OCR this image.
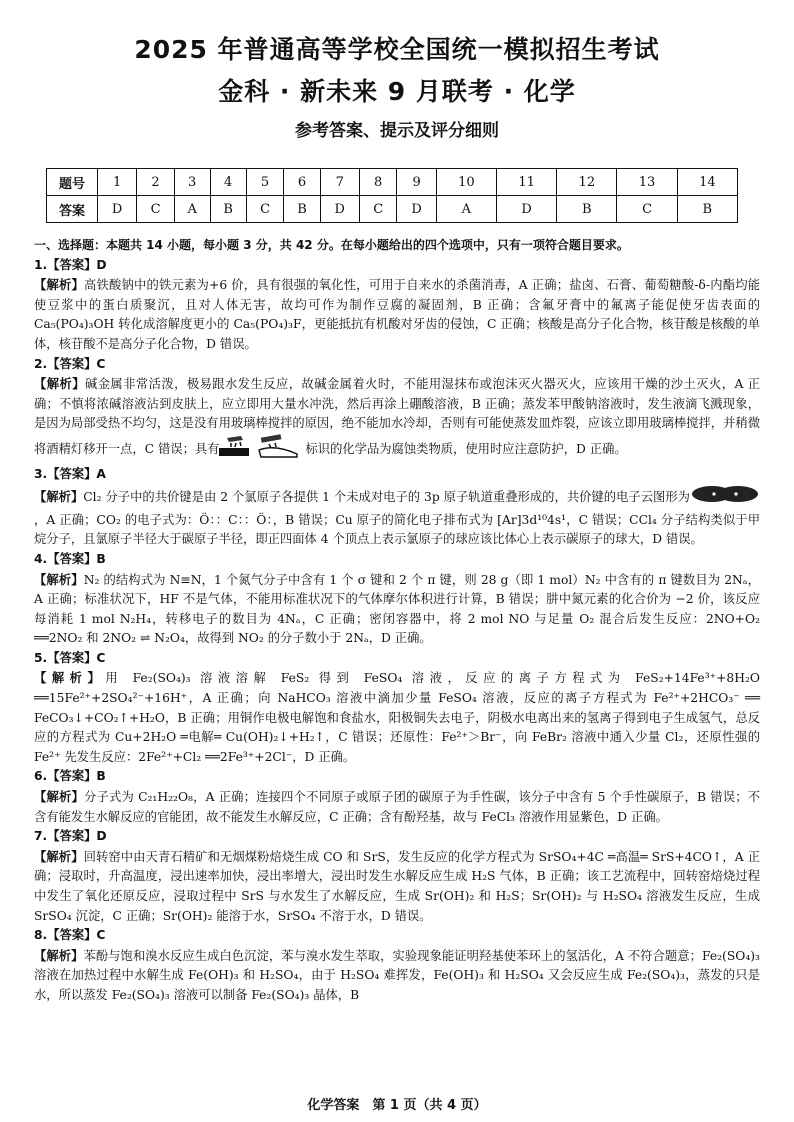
2025 年普通高等学校全国统一模拟招生考试
金科 · 新未来 9 月联考 · 化学
参考答案、提示及评分细则
题号	1	2	3	4	5	6	7	8	9	10	11	12	13	14
答案	D	C	A	B	C	B	D	C	D	A	D	B	C	B

一、选择题：本题共 14 小题，每小题 3 分，共 42 分。在每小题给出的四个选项中，只有一项符合题目要求。

1.【答案】D

【解析】高铁酸钠中的铁元素为+6 价，具有很强的氧化性，可用于自来水的杀菌消毒，A 正确；盐卤、石膏、葡萄糖酸-δ-内酯均能使豆浆中的蛋白质聚沉，且对人体无害，故均可作为制作豆腐的凝固剂，B 正确；含氟牙膏中的氟离子能促使牙齿表面的 Ca₅(PO₄)₃OH 转化成溶解度更小的 Ca₅(PO₄)₃F，更能抵抗有机酸对牙齿的侵蚀，C 正确；核酸是高分子化合物，核苷酸是核酸的单体，核苷酸不是高分子化合物，D 错误。

2.【答案】C

【解析】碱金属非常活泼，极易跟水发生反应，故碱金属着火时，不能用湿抹布或泡沫灭火器灭火，应该用干燥的沙土灭火，A 正确；不慎将浓碱溶液沾到皮肤上，应立即用大量水冲洗，然后再涂上硼酸溶液，B 正确；蒸发苯甲酸钠溶液时，发生液滴飞溅现象，是因为局部受热不均匀，这是没有用玻璃棒搅拌的原因，绝不能加水冷却，否则有可能使蒸发皿炸裂，应该立即用玻璃棒搅拌，并稍微将酒精灯移开一点，C 错误；具有	标识的化学品为腐蚀类物质，使用时应注意防护，D 正确。

3.【答案】A

【解析】Cl₂ 分子中的共价键是由 2 个氯原子各提供 1 个未成对电子的 3p 原子轨道重叠形成的，共价键的电子云图形为，A 正确；CO₂ 的电子式为：Ö：：C：：Ö：，B 错误；Cu 原子的简化电子排布式为 [Ar]3d¹⁰4s¹，C 错误；CCl₄ 分子结构类似于甲烷分子，且氯原子半径大于碳原子半径，即正四面体 4 个顶点上表示氯原子的球应该比体心上表示碳原子的球大，D 错误。

4.【答案】B

【解析】N₂ 的结构式为 N≡N，1 个氮气分子中含有 1 个 σ 键和 2 个 π 键，则 28 g（即 1 mol）N₂ 中含有的 π 键数目为 2Nₐ，A 正确；标准状况下，HF 不是气体，不能用标准状况下的气体摩尔体积进行计算，B 错误；肼中氮元素的化合价为 −2 价，该反应每消耗 1 mol N₂H₄，转移电子的数目为 4Nₐ，C 正确；密闭容器中，将 2 mol NO 与足量 O₂ 混合后发生反应：2NO+O₂ ══2NO₂ 和 2NO₂ ⇌ N₂O₄，故得到 NO₂ 的分子数小于 2Nₐ，D 正确。

5.【答案】C

【解析】用 Fe₂(SO₄)₃ 溶液溶解 FeS₂ 得到 FeSO₄ 溶液，反应的离子方程式为 FeS₂+14Fe³⁺+8H₂O ══15Fe²⁺+2SO₄²⁻+16H⁺，A 正确；向 NaHCO₃ 溶液中滴加少量 FeSO₄ 溶液，反应的离子方程式为 Fe²⁺+2HCO₃⁻ ══ FeCO₃↓+CO₂↑+H₂O，B 正确；用铜作电极电解饱和食盐水，阳极铜失去电子，阴极水电离出来的氢离子得到电子生成氢气，总反应的方程式为 Cu+2H₂O ═电解═ Cu(OH)₂↓+H₂↑，C 错误；还原性：Fe²⁺＞Br⁻，向 FeBr₂ 溶液中通入少量 Cl₂，还原性强的 Fe²⁺ 先发生反应：2Fe²⁺+Cl₂ ══2Fe³⁺+2Cl⁻，D 正确。

6.【答案】B

【解析】分子式为 C₂₁H₂₂O₈，A 正确；连接四个不同原子或原子团的碳原子为手性碳，该分子中含有 5 个手性碳原子，B 错误；不含有能发生水解反应的官能团，故不能发生水解反应，C 正确；含有酚羟基，故与 FeCl₃ 溶液作用显紫色，D 正确。

7.【答案】D

【解析】回转窑中由天青石精矿和无烟煤粉焙烧生成 CO 和 SrS，发生反应的化学方程式为 SrSO₄+4C ═高温═ SrS+4CO↑，A 正确；浸取时，升高温度，浸出速率加快，浸出率增大，浸出时发生水解反应生成 H₂S 气体，B 正确；该工艺流程中，回转窑焙烧过程中发生了氧化还原反应，浸取过程中 SrS 与水发生了水解反应，生成 Sr(OH)₂ 和 H₂S；Sr(OH)₂ 与 H₂SO₄ 溶液发生反应，生成 SrSO₄ 沉淀，C 正确；Sr(OH)₂ 能溶于水，SrSO₄ 不溶于水，D 错误。

8.【答案】C

【解析】苯酚与饱和溴水反应生成白色沉淀，苯与溴水发生萃取，实验现象能证明羟基使苯环上的氢活化，A 不符合题意；Fe₂(SO₄)₃ 溶液在加热过程中水解生成 Fe(OH)₃ 和 H₂SO₄，由于 H₂SO₄ 难挥发，Fe(OH)₃ 和 H₂SO₄ 又会反应生成 Fe₂(SO₄)₃，蒸发的只是水，所以蒸发 Fe₂(SO₄)₃ 溶液可以制备 Fe₂(SO₄)₃ 晶体，B

化学答案　第 1 页（共 4 页）
